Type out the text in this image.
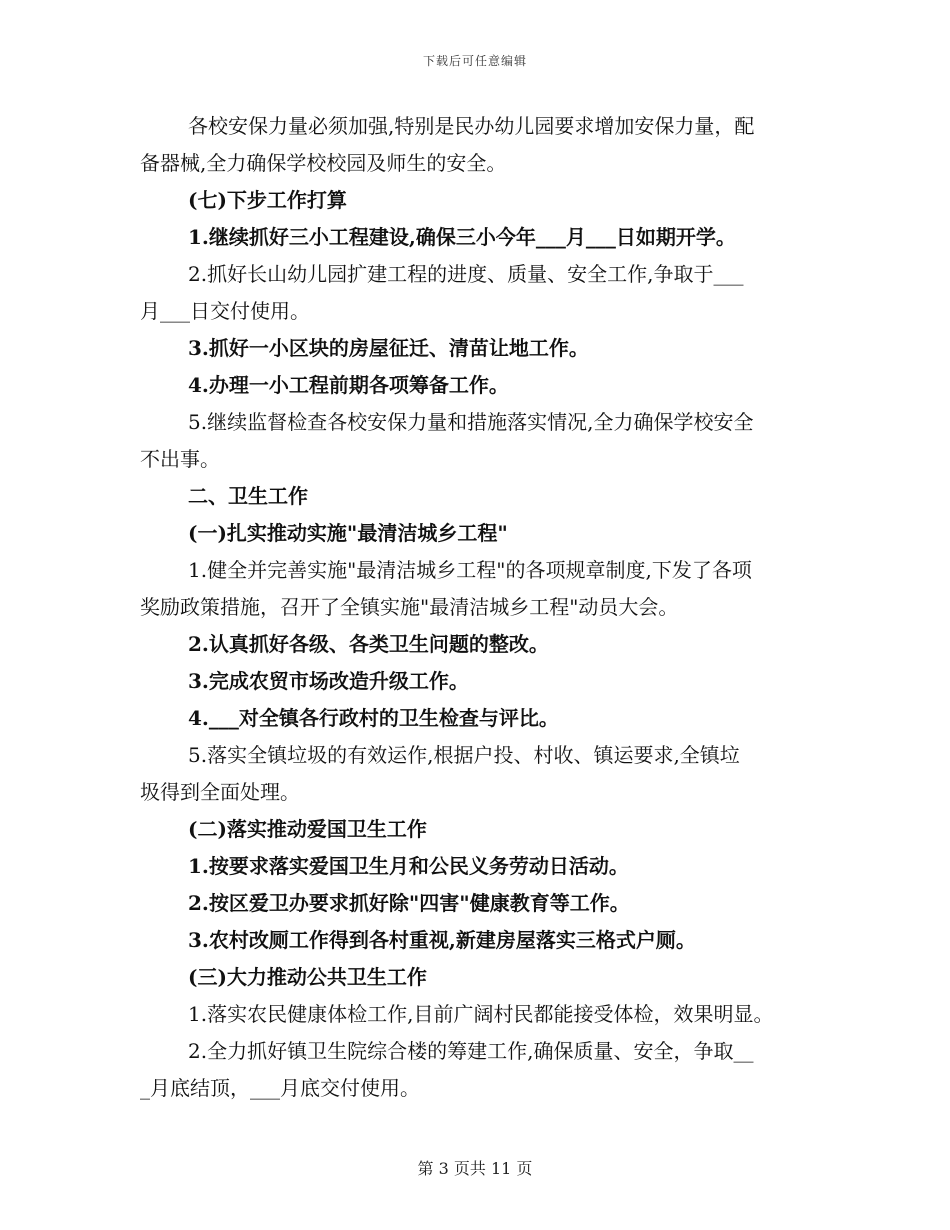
下载后可任意编辑
各校安保力量必须加强,特别是民办幼儿园要求增加安保力量，配
备器械,全力确保学校校园及师生的安全。
(七)下步工作打算
1.继续抓好三小工程建设,确保三小今年___月___日如期开学。
2.抓好长山幼儿园扩建工程的进度、质量、安全工作,争取于___
月___日交付使用。
3.抓好一小区块的房屋征迁、清苗让地工作。
4.办理一小工程前期各项筹备工作。
5.继续监督检查各校安保力量和措施落实情况,全力确保学校安全
不出事。
二、卫生工作
(一)扎实推动实施"最清洁城乡工程"
1.健全并完善实施"最清洁城乡工程"的各项规章制度,下发了各项
奖励政策措施，召开了全镇实施"最清洁城乡工程"动员大会。
2.认真抓好各级、各类卫生问题的整改。
3.完成农贸市场改造升级工作。
4.___对全镇各行政村的卫生检查与评比。
5.落实全镇垃圾的有效运作,根据户投、村收、镇运要求,全镇垃
圾得到全面处理。
(二)落实推动爱国卫生工作
1.按要求落实爱国卫生月和公民义务劳动日活动。
2.按区爱卫办要求抓好除"四害"健康教育等工作。
3.农村改厕工作得到各村重视,新建房屋落实三格式户厕。
(三)大力推动公共卫生工作
1.落实农民健康体检工作,目前广阔村民都能接受体检，效果明显。
2.全力抓好镇卫生院综合楼的筹建工作,确保质量、安全，争取__
_月底结顶，___月底交付使用。
第 3 页共 11 页
